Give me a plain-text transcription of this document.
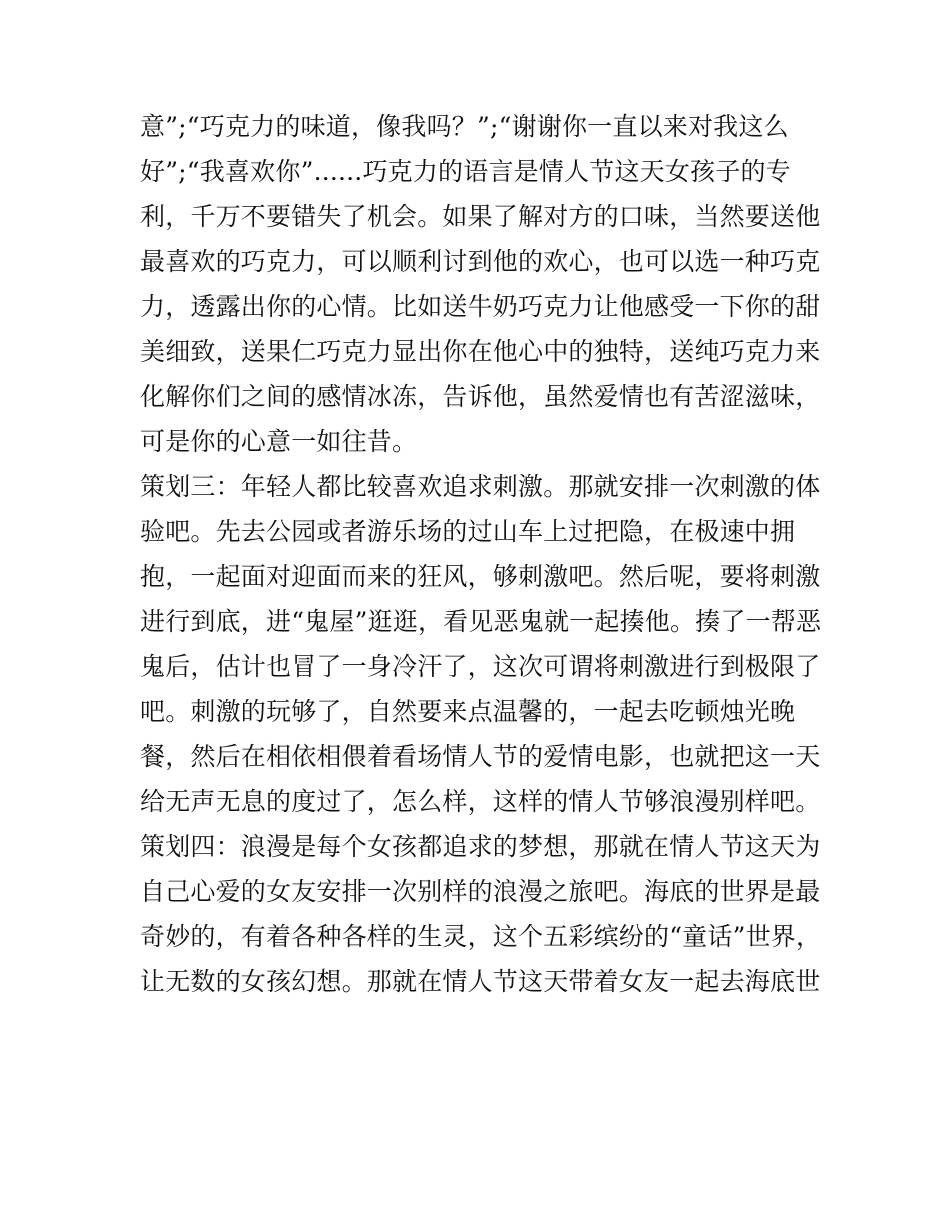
意”;“巧克力的味道，像我吗？”;“谢谢你一直以来对我这么
好”;“我喜欢你”......巧克力的语言是情人节这天女孩子的专
利，千万不要错失了机会。如果了解对方的口味，当然要送他
最喜欢的巧克力，可以顺利讨到他的欢心，也可以选一种巧克
力，透露出你的心情。比如送牛奶巧克力让他感受一下你的甜
美细致，送果仁巧克力显出你在他心中的独特，送纯巧克力来
化解你们之间的感情冰冻，告诉他，虽然爱情也有苦涩滋味，
可是你的心意一如往昔。
策划三：年轻人都比较喜欢追求刺激。那就安排一次刺激的体
验吧。先去公园或者游乐场的过山车上过把隐，在极速中拥
抱，一起面对迎面而来的狂风，够刺激吧。然后呢，要将刺激
进行到底，进“鬼屋”逛逛，看见恶鬼就一起揍他。揍了一帮恶
鬼后，估计也冒了一身冷汗了，这次可谓将刺激进行到极限了
吧。刺激的玩够了，自然要来点温馨的，一起去吃顿烛光晚
餐，然后在相依相偎着看场情人节的爱情电影，也就把这一天
给无声无息的度过了，怎么样，这样的情人节够浪漫别样吧。
策划四：浪漫是每个女孩都追求的梦想，那就在情人节这天为
自己心爱的女友安排一次别样的浪漫之旅吧。海底的世界是最
奇妙的，有着各种各样的生灵，这个五彩缤纷的“童话”世界，
让无数的女孩幻想。那就在情人节这天带着女友一起去海底世
